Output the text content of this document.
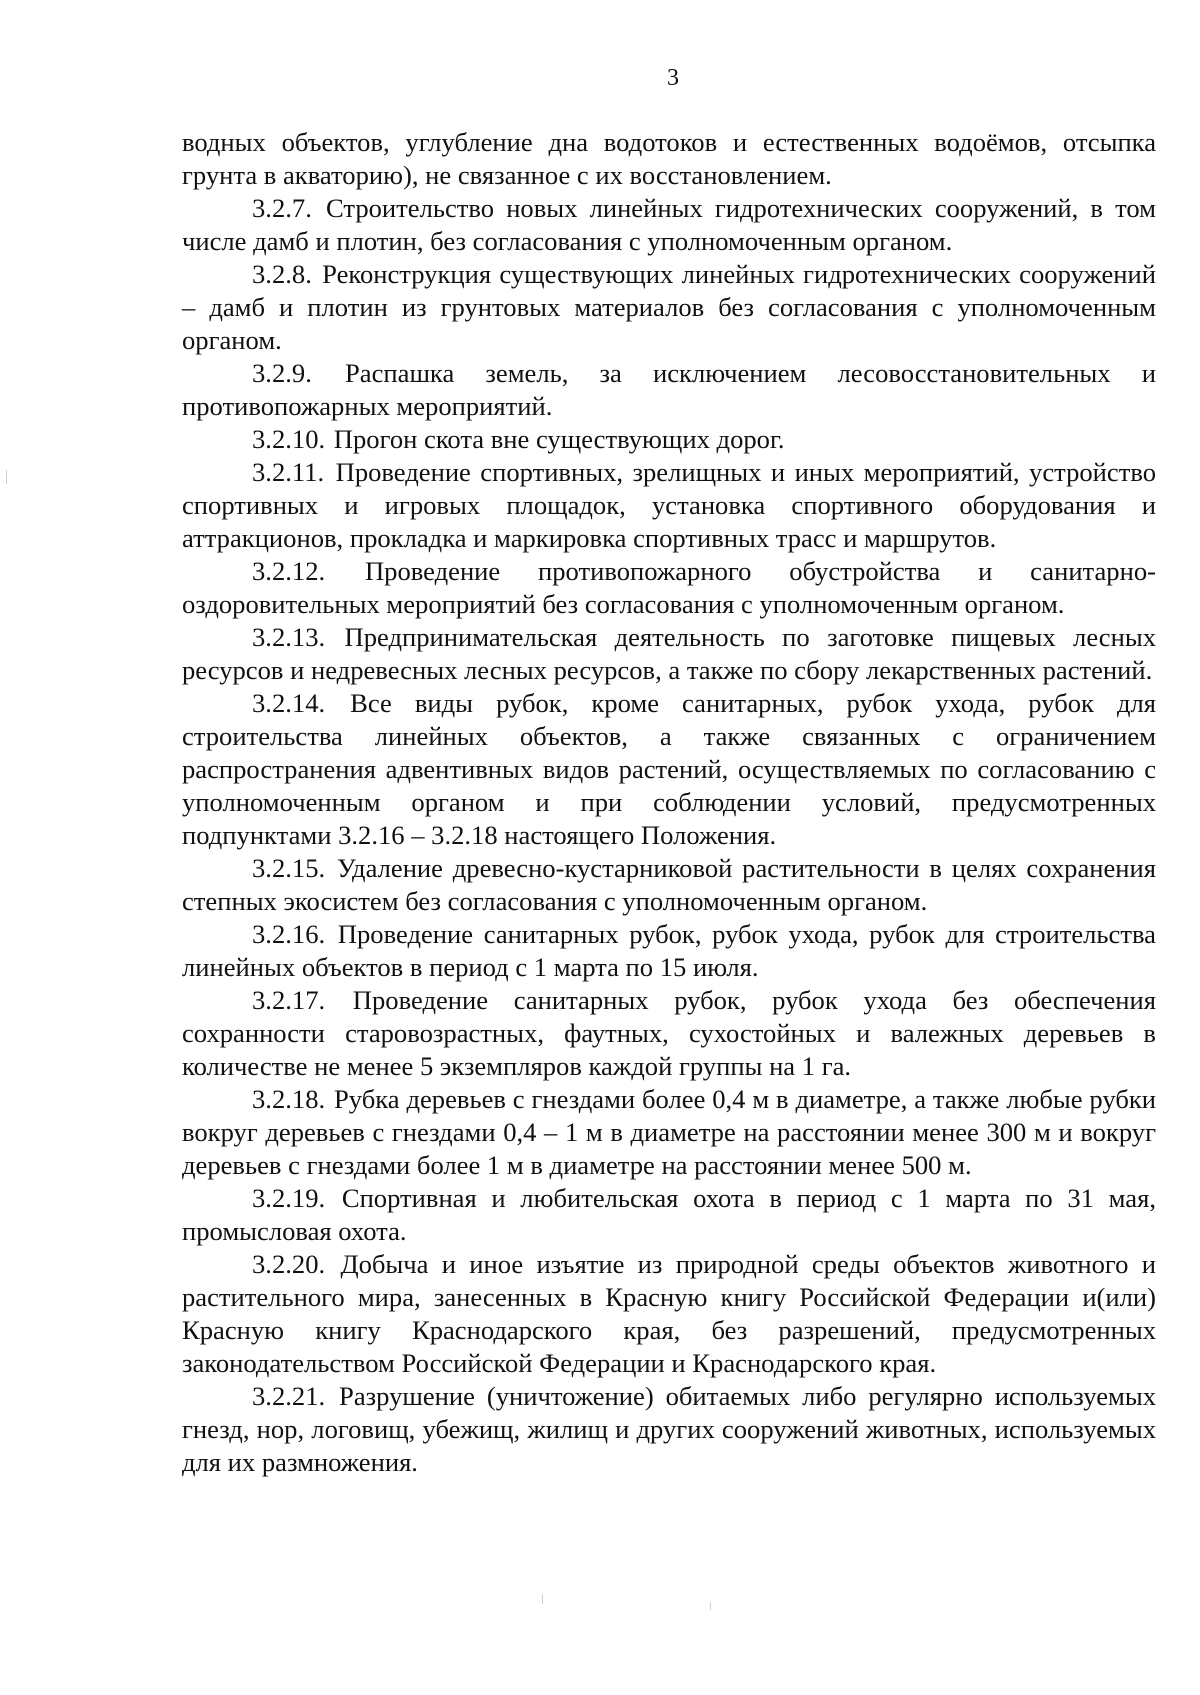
3

водных объектов, углубление дна водотоков и естественных водоёмов, отсыпка грунта в акваторию), не связанное с их восстановлением.

3.2.7. Строительство новых линейных гидротехнических сооружений, в том числе дамб и плотин, без согласования с уполномоченным органом.

3.2.8. Реконструкция существующих линейных гидротехнических сооружений – дамб и плотин из грунтовых материалов без согласования с уполномоченным органом.

3.2.9. Распашка земель, за исключением лесовосстановительных и противопожарных мероприятий.

3.2.10. Прогон скота вне существующих дорог.

3.2.11. Проведение спортивных, зрелищных и иных мероприятий, устройство спортивных и игровых площадок, установка спортивного оборудования и аттракционов, прокладка и маркировка спортивных трасс и маршрутов.

3.2.12. Проведение противопожарного обустройства и санитарно-оздоровительных мероприятий без согласования с уполномоченным органом.

3.2.13. Предпринимательская деятельность по заготовке пищевых лесных ресурсов и недревесных лесных ресурсов, а также по сбору лекарственных растений.

3.2.14. Все виды рубок, кроме санитарных, рубок ухода, рубок для строительства линейных объектов, а также связанных с ограничением распространения адвентивных видов растений, осуществляемых по согласованию с уполномоченным органом и при соблюдении условий, предусмотренных подпунктами 3.2.16 – 3.2.18 настоящего Положения.

3.2.15. Удаление древесно-кустарниковой растительности в целях сохранения степных экосистем без согласования с уполномоченным органом.

3.2.16. Проведение санитарных рубок, рубок ухода, рубок для строительства линейных объектов в период с 1 марта по 15 июля.

3.2.17. Проведение санитарных рубок, рубок ухода без обеспечения сохранности старовозрастных, фаутных, сухостойных и валежных деревьев в количестве не менее 5 экземпляров каждой группы на 1 га.

3.2.18. Рубка деревьев с гнездами более 0,4 м в диаметре, а также любые рубки вокруг деревьев с гнездами 0,4 – 1 м в диаметре на расстоянии менее 300 м и вокруг деревьев с гнездами более 1 м в диаметре на расстоянии менее 500 м.

3.2.19. Спортивная и любительская охота в период с 1 марта по 31 мая, промысловая охота.

3.2.20. Добыча и иное изъятие из природной среды объектов животного и растительного мира, занесенных в Красную книгу Российской Федерации и(или) Красную книгу Краснодарского края, без разрешений, предусмотренных законодательством Российской Федерации и Краснодарского края.

3.2.21. Разрушение (уничтожение) обитаемых либо регулярно используемых гнезд, нор, логовищ, убежищ, жилищ и других сооружений животных, используемых для их размножения.
